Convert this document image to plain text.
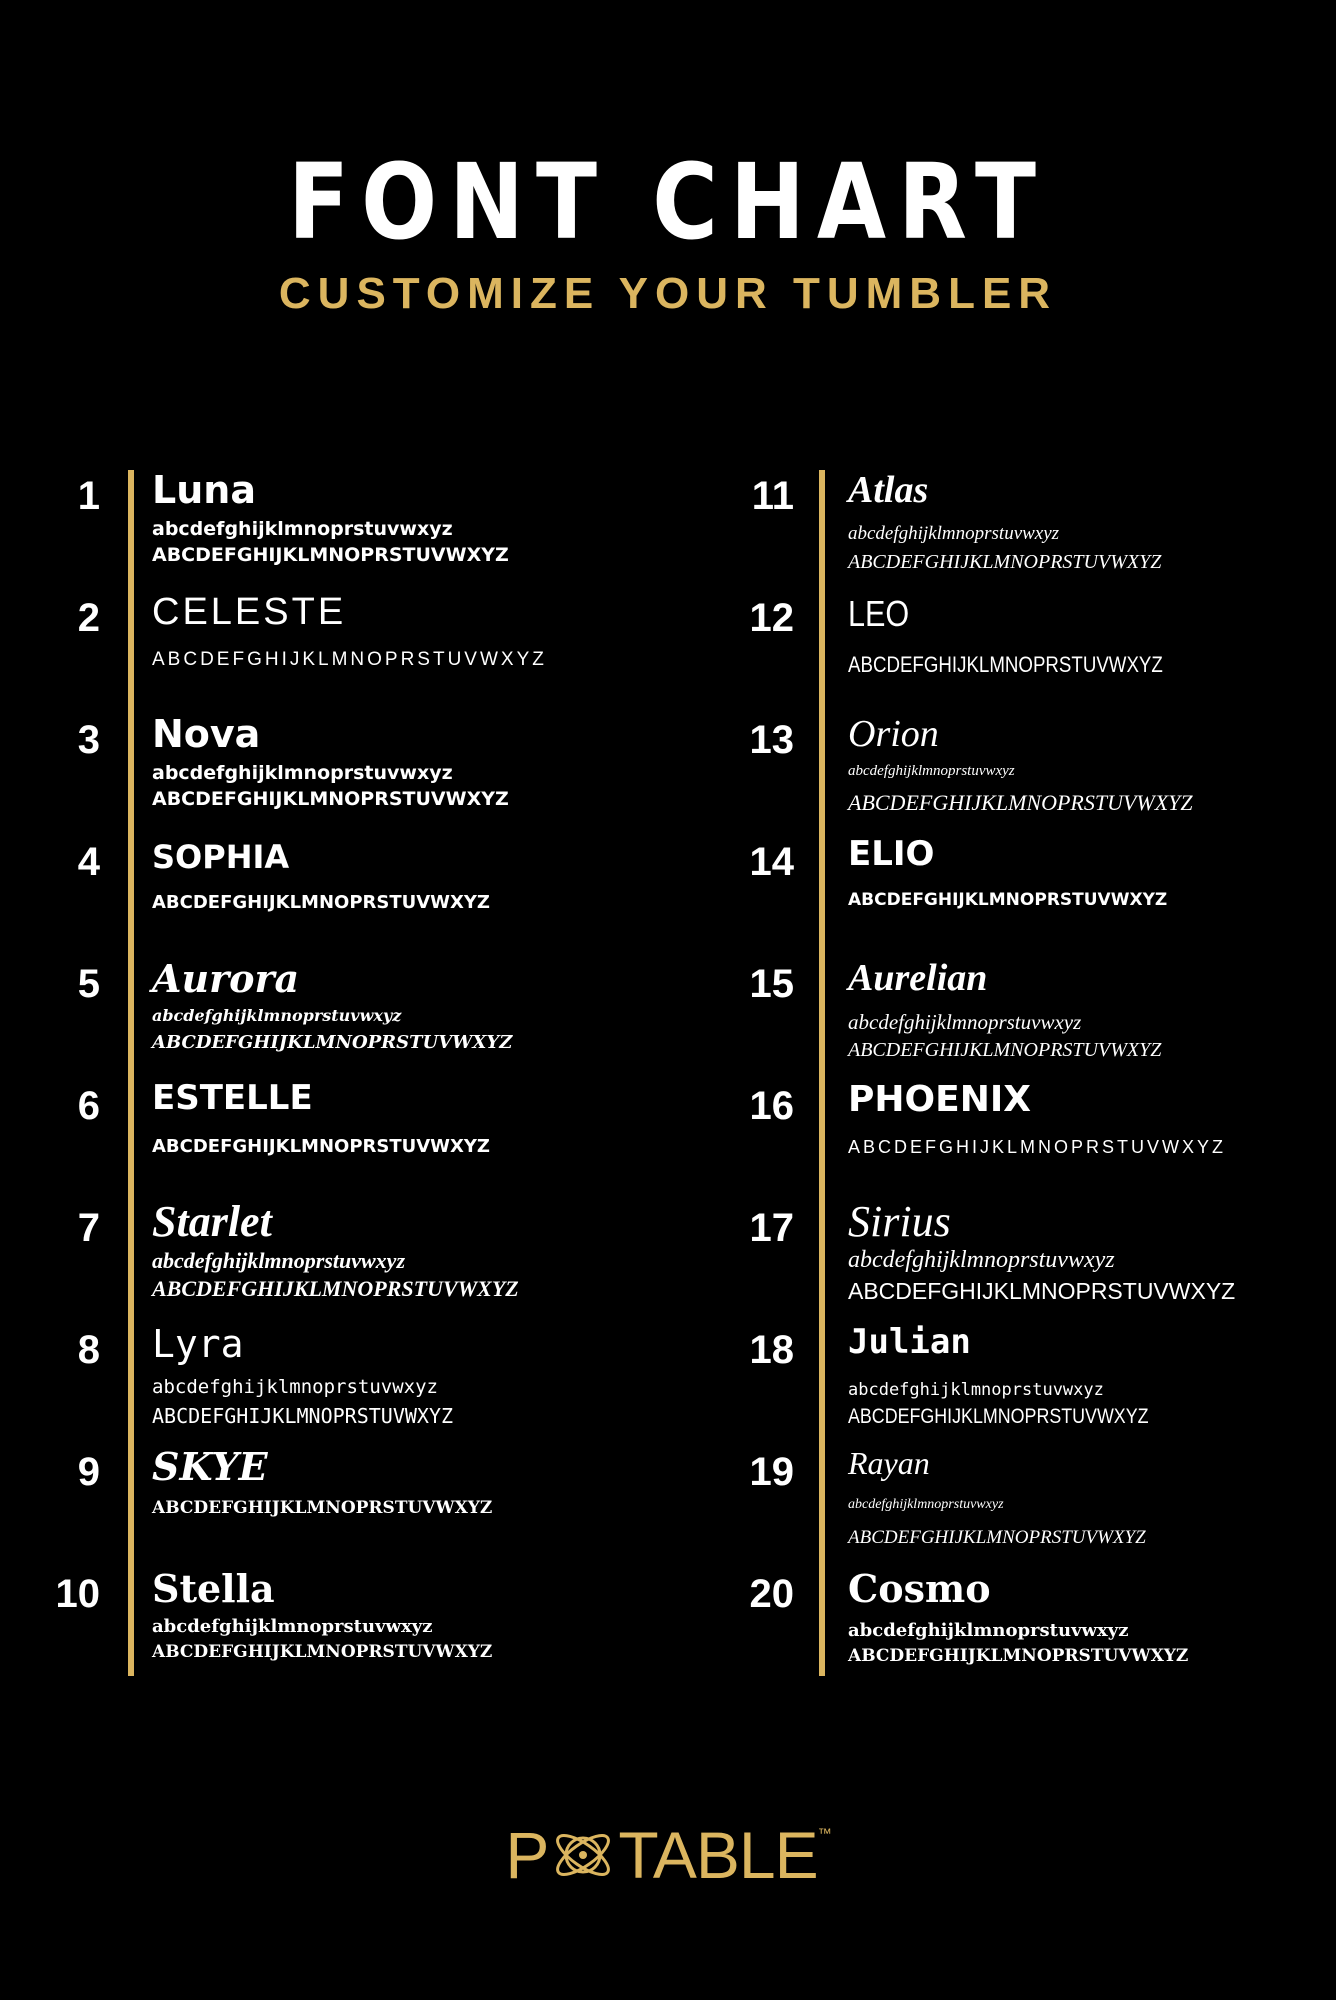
FONT CHART
CUSTOMIZE YOUR TUMBLER
1 Luna
abcdefghijklmnoprstuvwxyz
ABCDEFGHIJKLMNOPRSTUVWXYZ
2 CELESTE
ABCDEFGHIJKLMNOPRSTUVWXYZ
3 Nova
abcdefghijklmnoprstuvwxyz
ABCDEFGHIJKLMNOPRSTUVWXYZ
4 SOPHIA
ABCDEFGHIJKLMNOPRSTUVWXYZ
5 Aurora
abcdefghijklmnoprstuvwxyz
ABCDEFGHIJKLMNOPRSTUVWXYZ
6 ESTELLE
ABCDEFGHIJKLMNOPRSTUVWXYZ
7 Starlet
abcdefghijklmnoprstuvwxyz
ABCDEFGHIJKLMNOPRSTUVWXYZ
8 Lyra
abcdefghijklmnoprstuvwxyz
ABCDEFGHIJKLMNOPRSTUVWXYZ
9 SKYE
ABCDEFGHIJKLMNOPRSTUVWXYZ
10 Stella
abcdefghijklmnoprstuvwxyz
ABCDEFGHIJKLMNOPRSTUVWXYZ
11 Atlas
abcdefghijklmnoprstuvwxyz
ABCDEFGHIJKLMNOPRSTUVWXYZ
12 LEO
ABCDEFGHIJKLMNOPRSTUVWXYZ
13 Orion
abcdefghijklmnoprstuvwxyz
ABCDEFGHIJKLMNOPRSTUVWXYZ
14 ELIO
ABCDEFGHIJKLMNOPRSTUVWXYZ
15 Aurelian
abcdefghijklmnoprstuvwxyz
ABCDEFGHIJKLMNOPRSTUVWXYZ
16 PHOENIX
ABCDEFGHIJKLMNOPRSTUVWXYZ
17 Sirius
abcdefghijklmnoprstuvwxyz
ABCDEFGHIJKLMNOPRSTUVWXYZ
18 Julian
abcdefghijklmnoprstuvwxyz
ABCDEFGHIJKLMNOPRSTUVWXYZ
19 Rayan
abcdefghijklmnoprstuvwxyz
ABCDEFGHIJKLMNOPRSTUVWXYZ
20 Cosmo
abcdefghijklmnoprstuvwxyz
ABCDEFGHIJKLMNOPRSTUVWXYZ
P TABLE™
